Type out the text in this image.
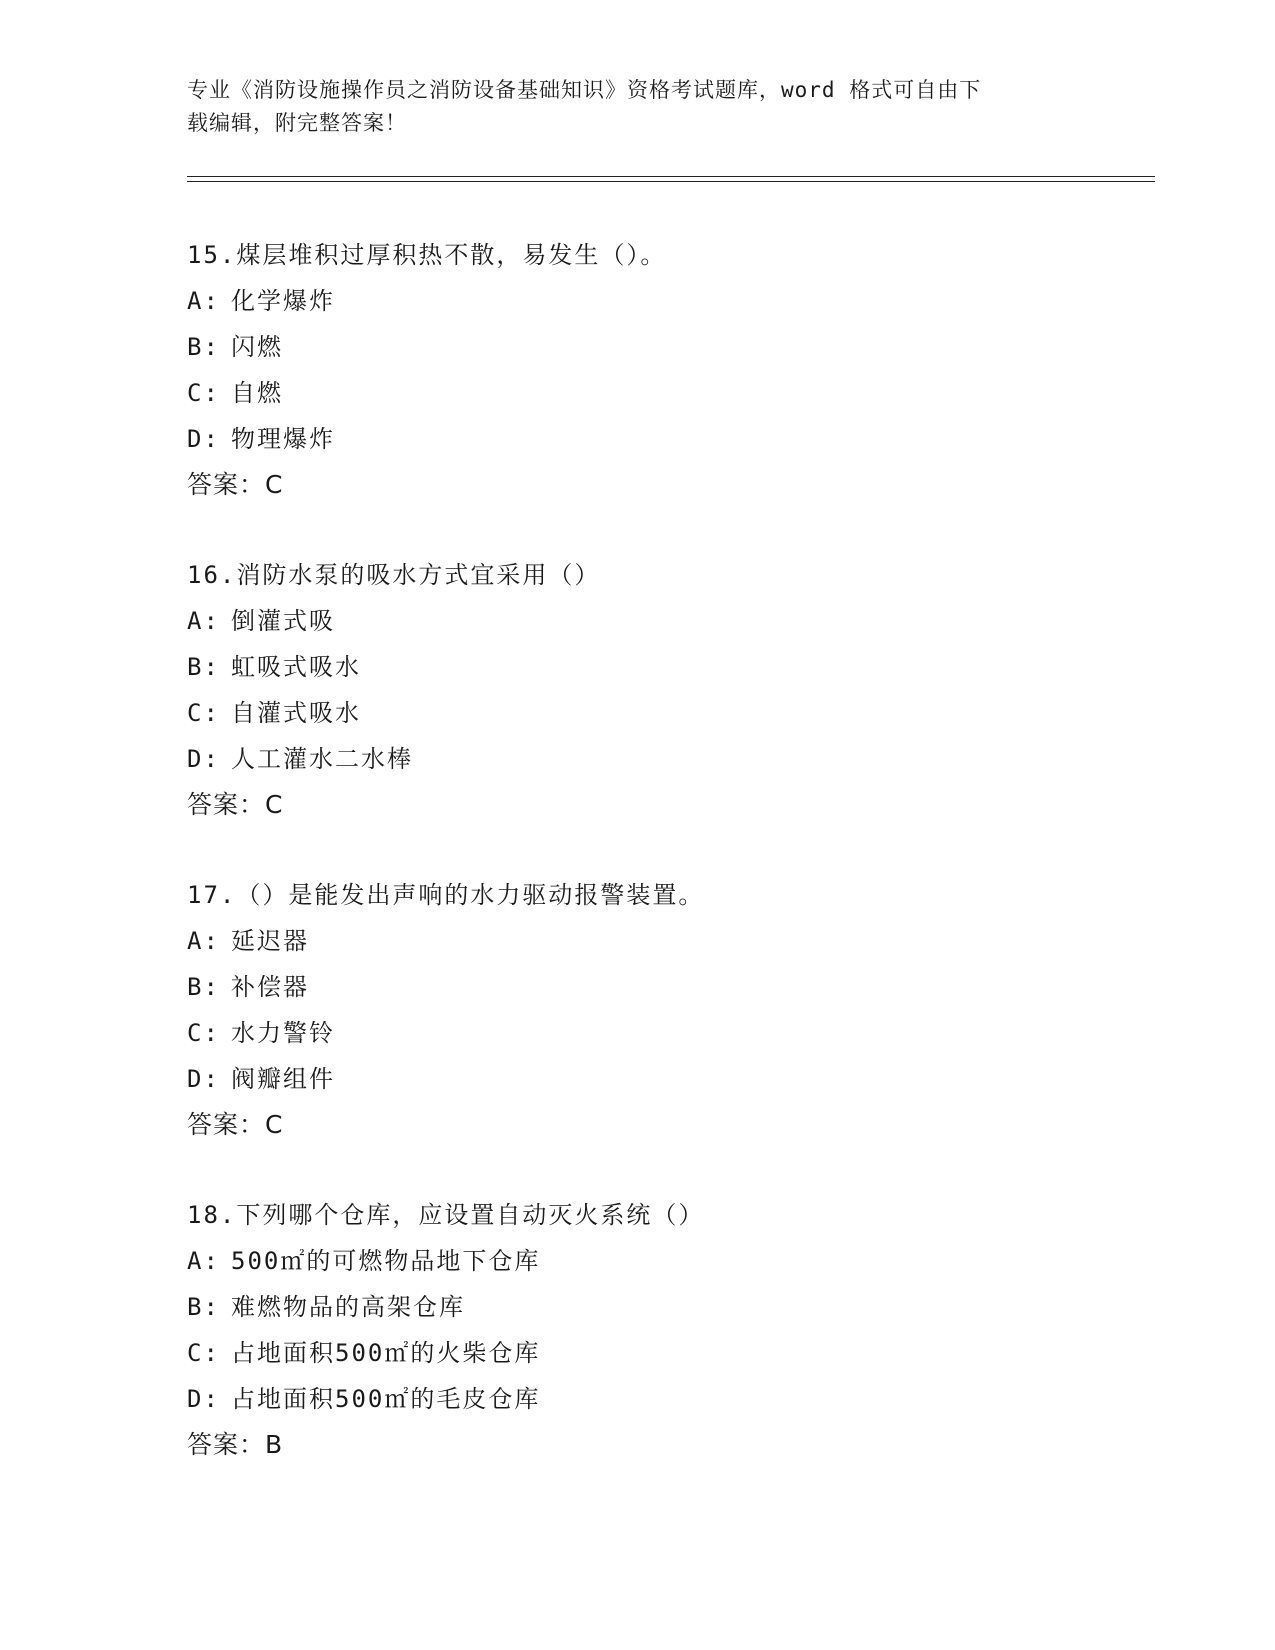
专业《消防设施操作员之消防设备基础知识》资格考试题库，word 格式可自由下
载编辑，附完整答案！
15.煤层堆积过厚积热不散，易发生（）。
A: 化学爆炸
B: 闪燃
C: 自燃
D: 物理爆炸
答案：C
16.消防水泵的吸水方式宜采用（）
A: 倒灌式吸
B: 虹吸式吸水
C: 自灌式吸水
D: 人工灌水二水棒
答案：C
17.（）是能发出声响的水力驱动报警装置。
A: 延迟器
B: 补偿器
C: 水力警铃
D: 阀瓣组件
答案：C
18.下列哪个仓库，应设置自动灭火系统（）
A: 500㎡的可燃物品地下仓库
B: 难燃物品的高架仓库
C: 占地面积500㎡的火柴仓库
D: 占地面积500㎡的毛皮仓库
答案：B
